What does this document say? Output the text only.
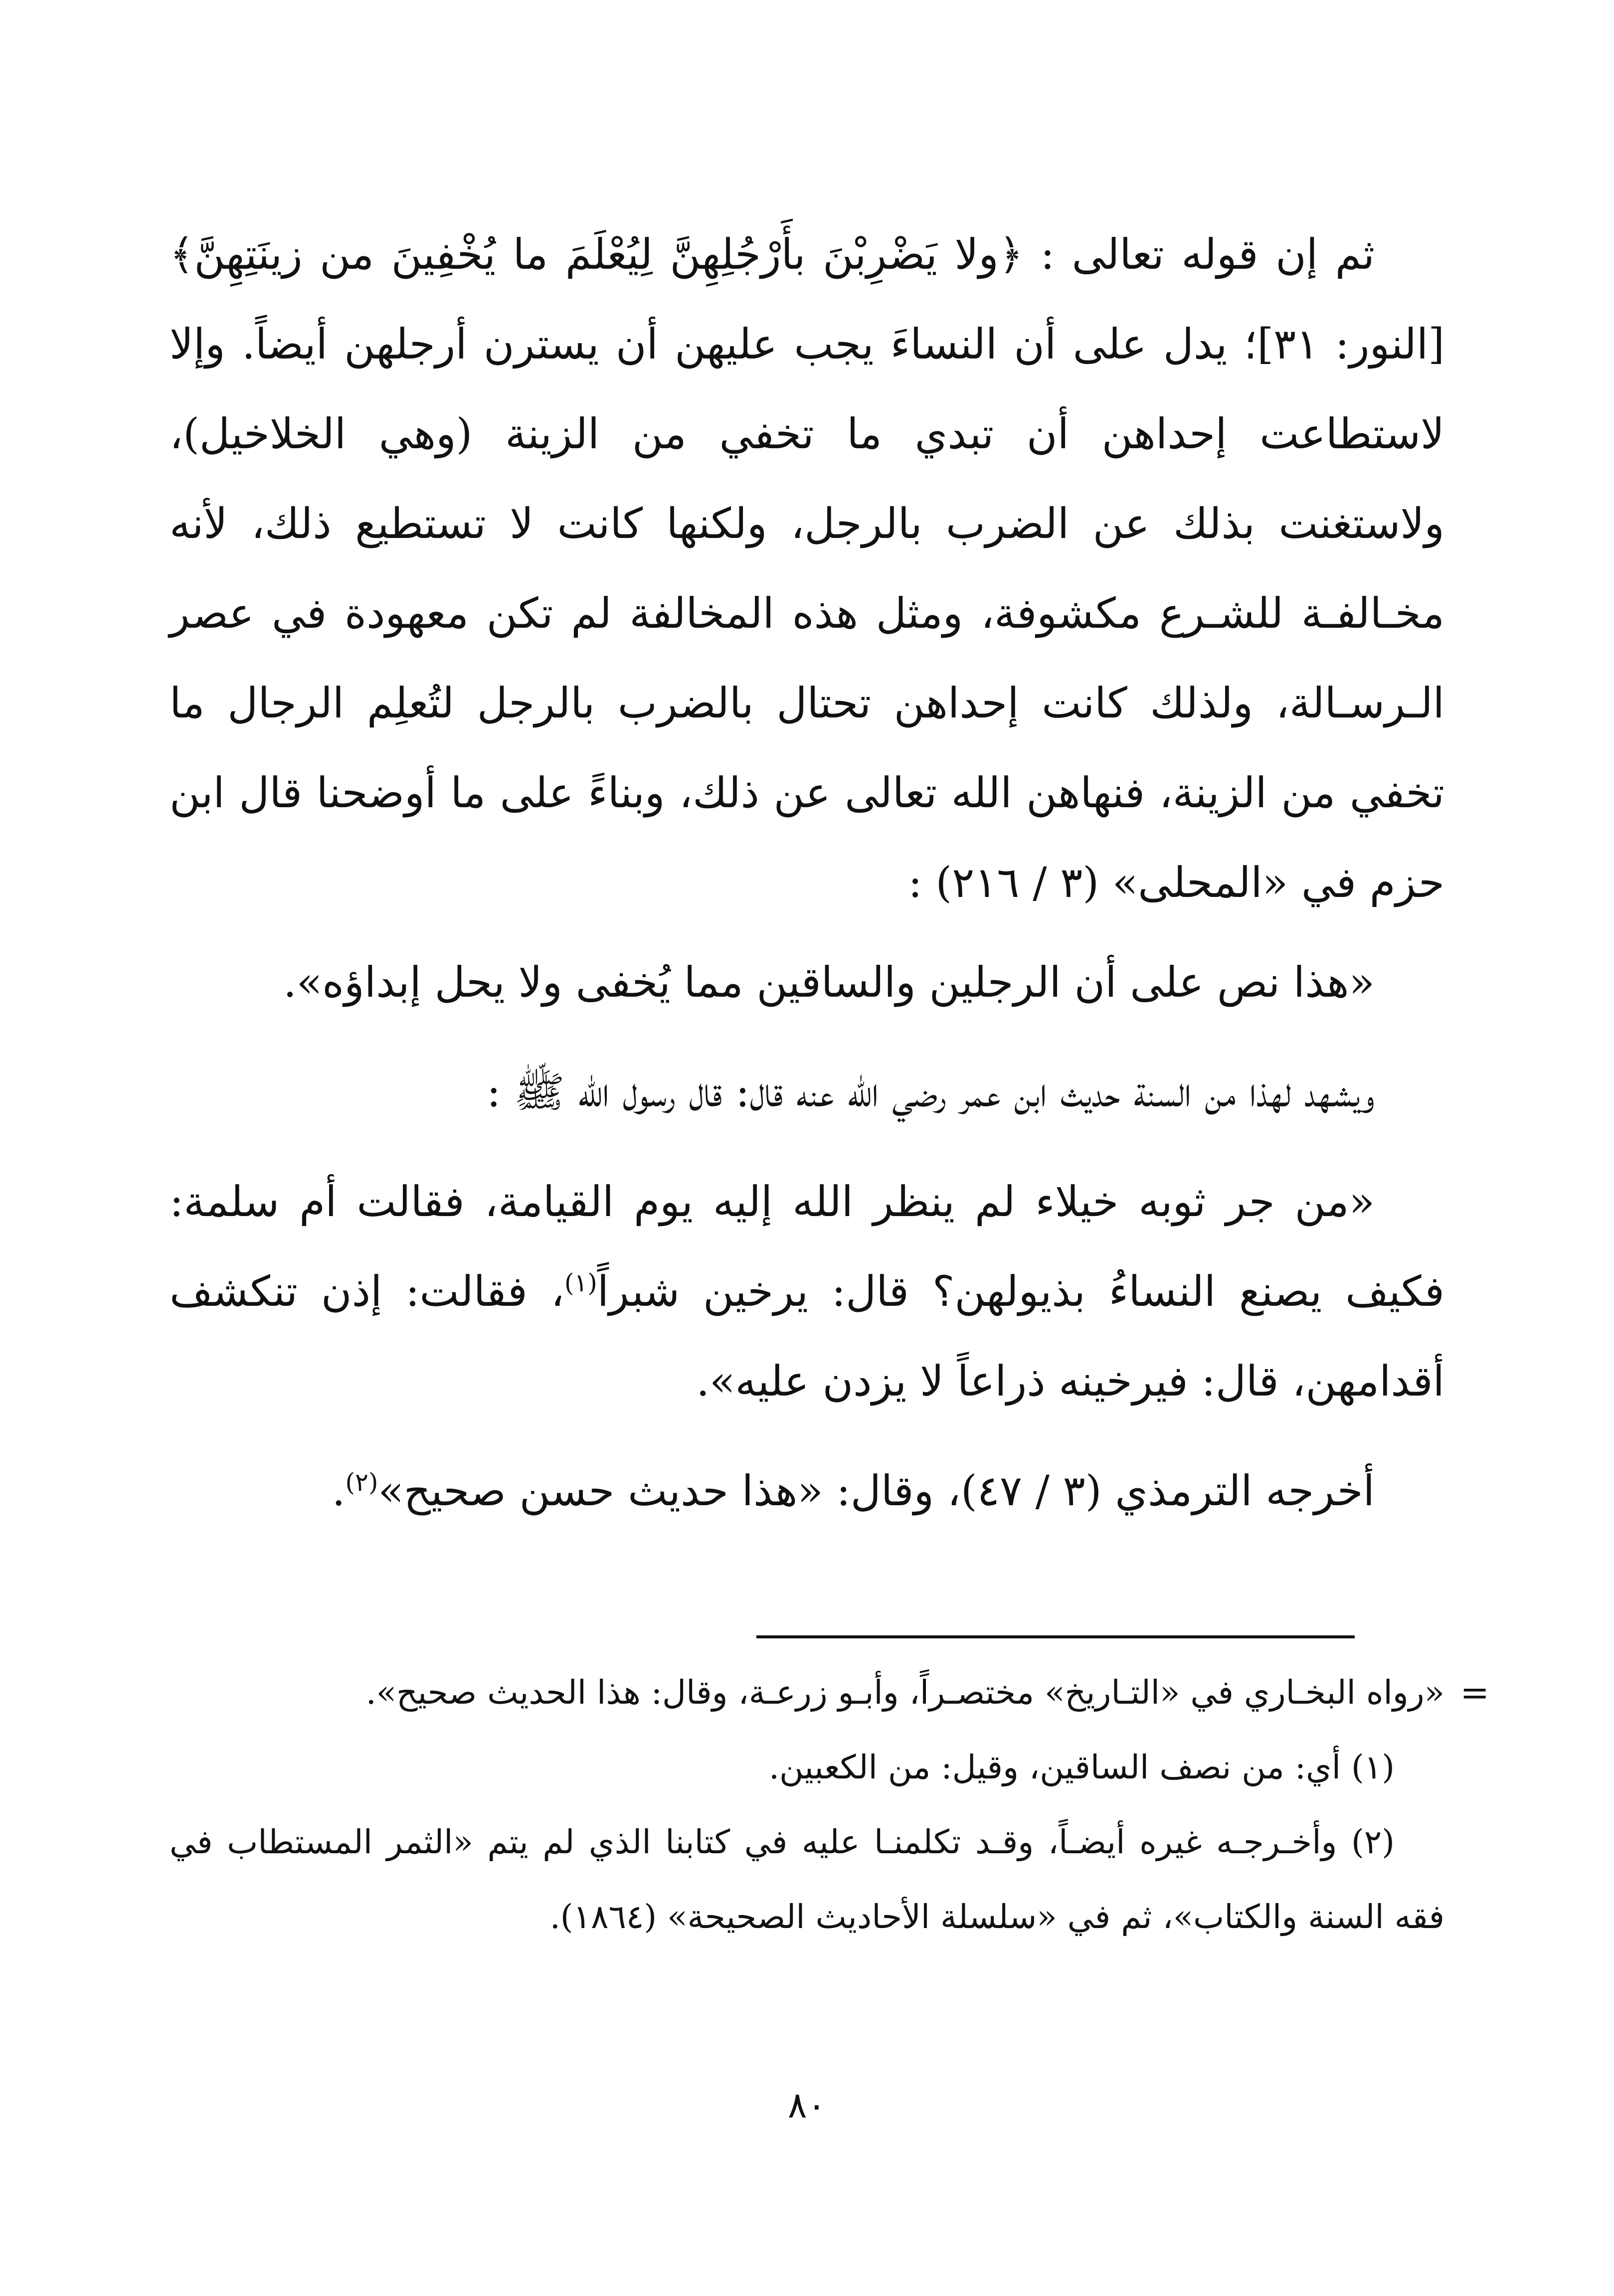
ثم إن قوله تعالى : ﴿ولا يَضْرِبْنَ بأَرْجُلِهِنَّ لِيُعْلَمَ ما يُخْفِينَ من زينَتِهِنَّ﴾ [النور: ٣١]؛ يدل على أن النساءَ يجب عليهن أن يسترن أرجلهن أيضاً. وإلا لاستطاعت إحداهن أن تبدي ما تخفي من الزينة (وهي الخلاخيل)، ولاستغنت بذلك عن الضرب بالرجل، ولكنها كانت لا تستطيع ذلك، لأنه مخـالفـة للشـرع مكشوفة، ومثل هذه المخالفة لم تكن معهودة في عصر الـرسـالة، ولذلك كانت إحداهن تحتال بالضرب بالرجل لتُعلِم الرجال ما تخفي من الزينة، فنهاهن الله تعالى عن ذلك، وبناءً على ما أوضحنا قال ابن حزم في «المحلى» (٣ / ٢١٦) :

«هذا نص على أن الرجلين والساقين مما يُخفى ولا يحل إبداؤه».

ويشهد لهذا من السنة حديث ابن عمر رضي الله عنه قال: قال رسول الله ﷺ :

«من جر ثوبه خيلاء لم ينظر الله إليه يوم القيامة، فقالت أم سلمة: فكيف يصنع النساءُ بذيولهن؟ قال: يرخين شبراً$^{(١)}$، فقالت: إذن تنكشف أقدامهن، قال: فيرخينه ذراعاً لا يزدن عليه».

أخرجه الترمذي (٣ / ٤٧)، وقال: «هذا حديث حسن صحيح»$^{(٢)}$.

=

«رواه البخـاري في «التـاريخ» مختصـراً، وأبـو زرعـة، وقال: هذا الحديث صحيح».

(١) أي: من نصف الساقين، وقيل: من الكعبين.

(٢) وأخـرجـه غيره أيضـاً، وقـد تكلمنـا عليه في كتابنا الذي لم يتم «الثمر المستطاب في فقه السنة والكتاب»، ثم في «سلسلة الأحاديث الصحيحة» (١٨٦٤).

٨٠
